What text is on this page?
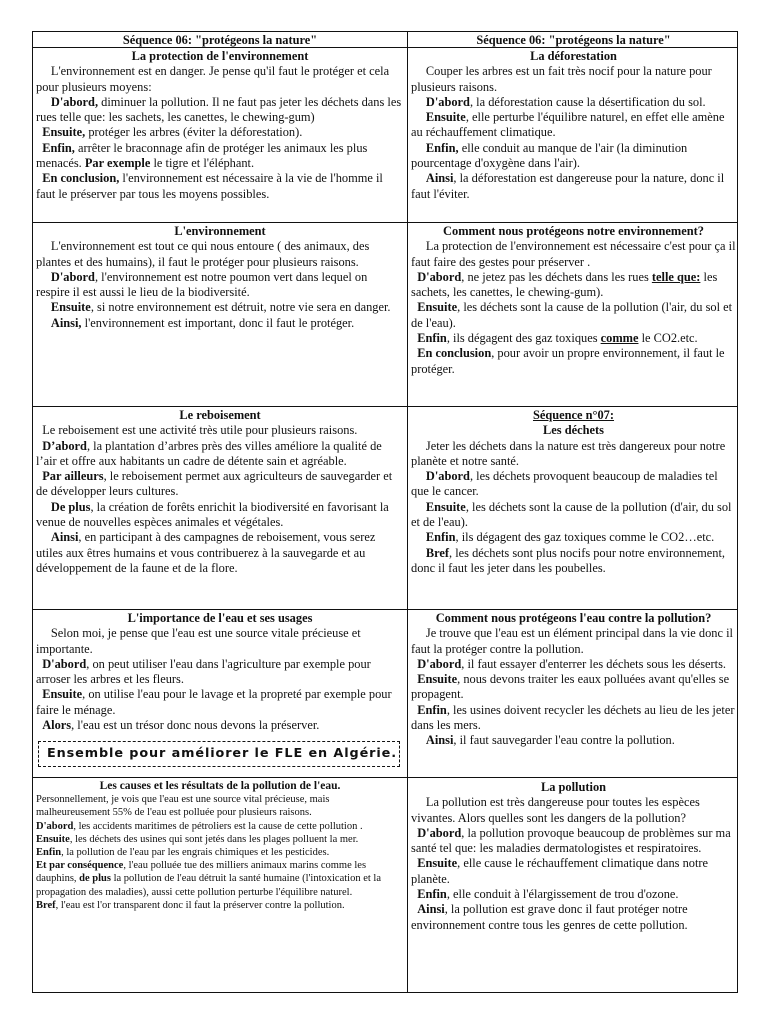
Séquence 06: "protégeons la nature"	Séquence 06: "protégeons la nature"
La protection de l'environnement

L'environnement est en danger. Je pense qu'il faut le protéger et cela pour plusieurs moyens:

D'abord, diminuer la pollution. Il ne faut pas jeter les déchets dans les rues telle que: les sachets, les canettes, le chewing-gum)

Ensuite, protéger les arbres (éviter la déforestation).

Enfin, arrêter le braconnage afin de protéger les animaux les plus menacés. Par exemple le tigre et l'éléphant.

En conclusion, l'environnement est nécessaire à la vie de l'homme il faut le préserver par tous les moyens possibles.

La déforestation

Couper les arbres est un fait très nocif pour la nature pour plusieurs raisons.

D'abord, la déforestation cause la désertification du sol.

Ensuite, elle perturbe l'équilibre naturel, en effet elle amène au réchauffement climatique.

Enfin, elle conduit au manque de l'air (la diminution pourcentage d'oxygène dans l'air).

Ainsi, la déforestation est dangereuse pour la nature, donc il faut l'éviter.

L'environnement

L'environnement est tout ce qui nous entoure ( des animaux, des plantes et des humains), il faut le protéger pour plusieurs raisons.

D'abord, l'environnement est notre poumon vert dans lequel on respire il est aussi le lieu de la biodiversité.

Ensuite, si notre environnement est détruit, notre vie sera en danger.

Ainsi, l'environnement est important, donc il faut le protéger.

Comment nous protégeons notre environnement?

La protection de l'environnement est nécessaire c'est pour ça il faut faire des gestes pour préserver .

D'abord, ne jetez pas les déchets dans les rues telle que: les sachets, les canettes, le chewing-gum).

Ensuite, les déchets sont la cause de la pollution (l'air, du sol et de l'eau).

Enfin, ils dégagent des gaz toxiques comme le CO2.etc.

En conclusion, pour avoir un propre environnement, il faut le protéger.

Le reboisement

Le reboisement est une activité très utile pour plusieurs raisons.

D’abord, la plantation d’arbres près des villes améliore la qualité de l’air et offre aux habitants un cadre de détente sain et agréable.

Par ailleurs, le reboisement permet aux agriculteurs de sauvegarder et de développer leurs cultures.

De plus, la création de forêts enrichit la biodiversité en favorisant la venue de nouvelles espèces animales et végétales.

Ainsi, en participant à des campagnes de reboisement, vous serez utiles aux êtres humains et vous contribuerez à la sauvegarde et au développement de la faune et de la flore.

Séquence n°07:
Les déchets

Jeter les déchets dans la nature est très dangereux pour notre planète et notre santé.

D'abord, les déchets provoquent beaucoup de maladies tel que le cancer.

Ensuite, les déchets sont la cause de la pollution (d'air, du sol et de l'eau).

Enfin, ils dégagent des gaz toxiques comme le CO2…etc.

Bref, les déchets sont plus nocifs pour notre environnement, donc il faut les jeter dans les poubelles.

L'importance de l'eau et ses usages

Selon moi, je pense que l'eau est une source vitale précieuse et importante.

D'abord, on peut utiliser l'eau dans l'agriculture par exemple pour arroser les arbres et les fleurs.

Ensuite, on utilise l'eau pour le lavage et la propreté par exemple pour faire le ménage.

Alors, l'eau est un trésor donc nous devons la préserver.

Ensemble pour améliorer le FLE en Algérie.
Comment nous protégeons l'eau contre la pollution?

Je trouve que l'eau est un élément principal dans la vie donc il faut la protéger contre la pollution.

D'abord, il faut essayer d'enterrer les déchets sous les déserts.

Ensuite, nous devons traiter les eaux polluées avant qu'elles se propagent.

Enfin, les usines doivent recycler les déchets au lieu de les jeter dans les mers.

Ainsi, il faut sauvegarder l'eau contre la pollution.

Les causes et les résultats de la pollution de l'eau.

Personnellement, je vois que l'eau est une source vital précieuse, mais malheureusement 55% de l'eau est polluée pour plusieurs raisons.

D'abord, les accidents maritimes de pétroliers est la cause de cette pollution .

Ensuite, les déchets des usines qui sont jetés dans les plages polluent la mer.

Enfin, la pollution de l'eau par les engrais chimiques et les pesticides.

Et par conséquence, l'eau polluée tue des milliers animaux marins comme les dauphins, de plus la pollution de l'eau détruit la santé humaine (l'intoxication et la propagation des maladies), aussi cette pollution perturbe l'équilibre naturel.

Bref, l'eau est l'or transparent donc il faut la préserver contre la pollution.

La pollution

La pollution est très dangereuse pour toutes les espèces vivantes. Alors quelles sont les dangers de la pollution?

D'abord, la pollution provoque beaucoup de problèmes sur ma santé tel que: les maladies dermatologistes et respiratoires.

Ensuite, elle cause le réchauffement climatique dans notre planète.

Enfin, elle conduit à l'élargissement de trou d'ozone.

Ainsi, la pollution est grave donc il faut protéger notre environnement contre tous les genres de cette pollution.
